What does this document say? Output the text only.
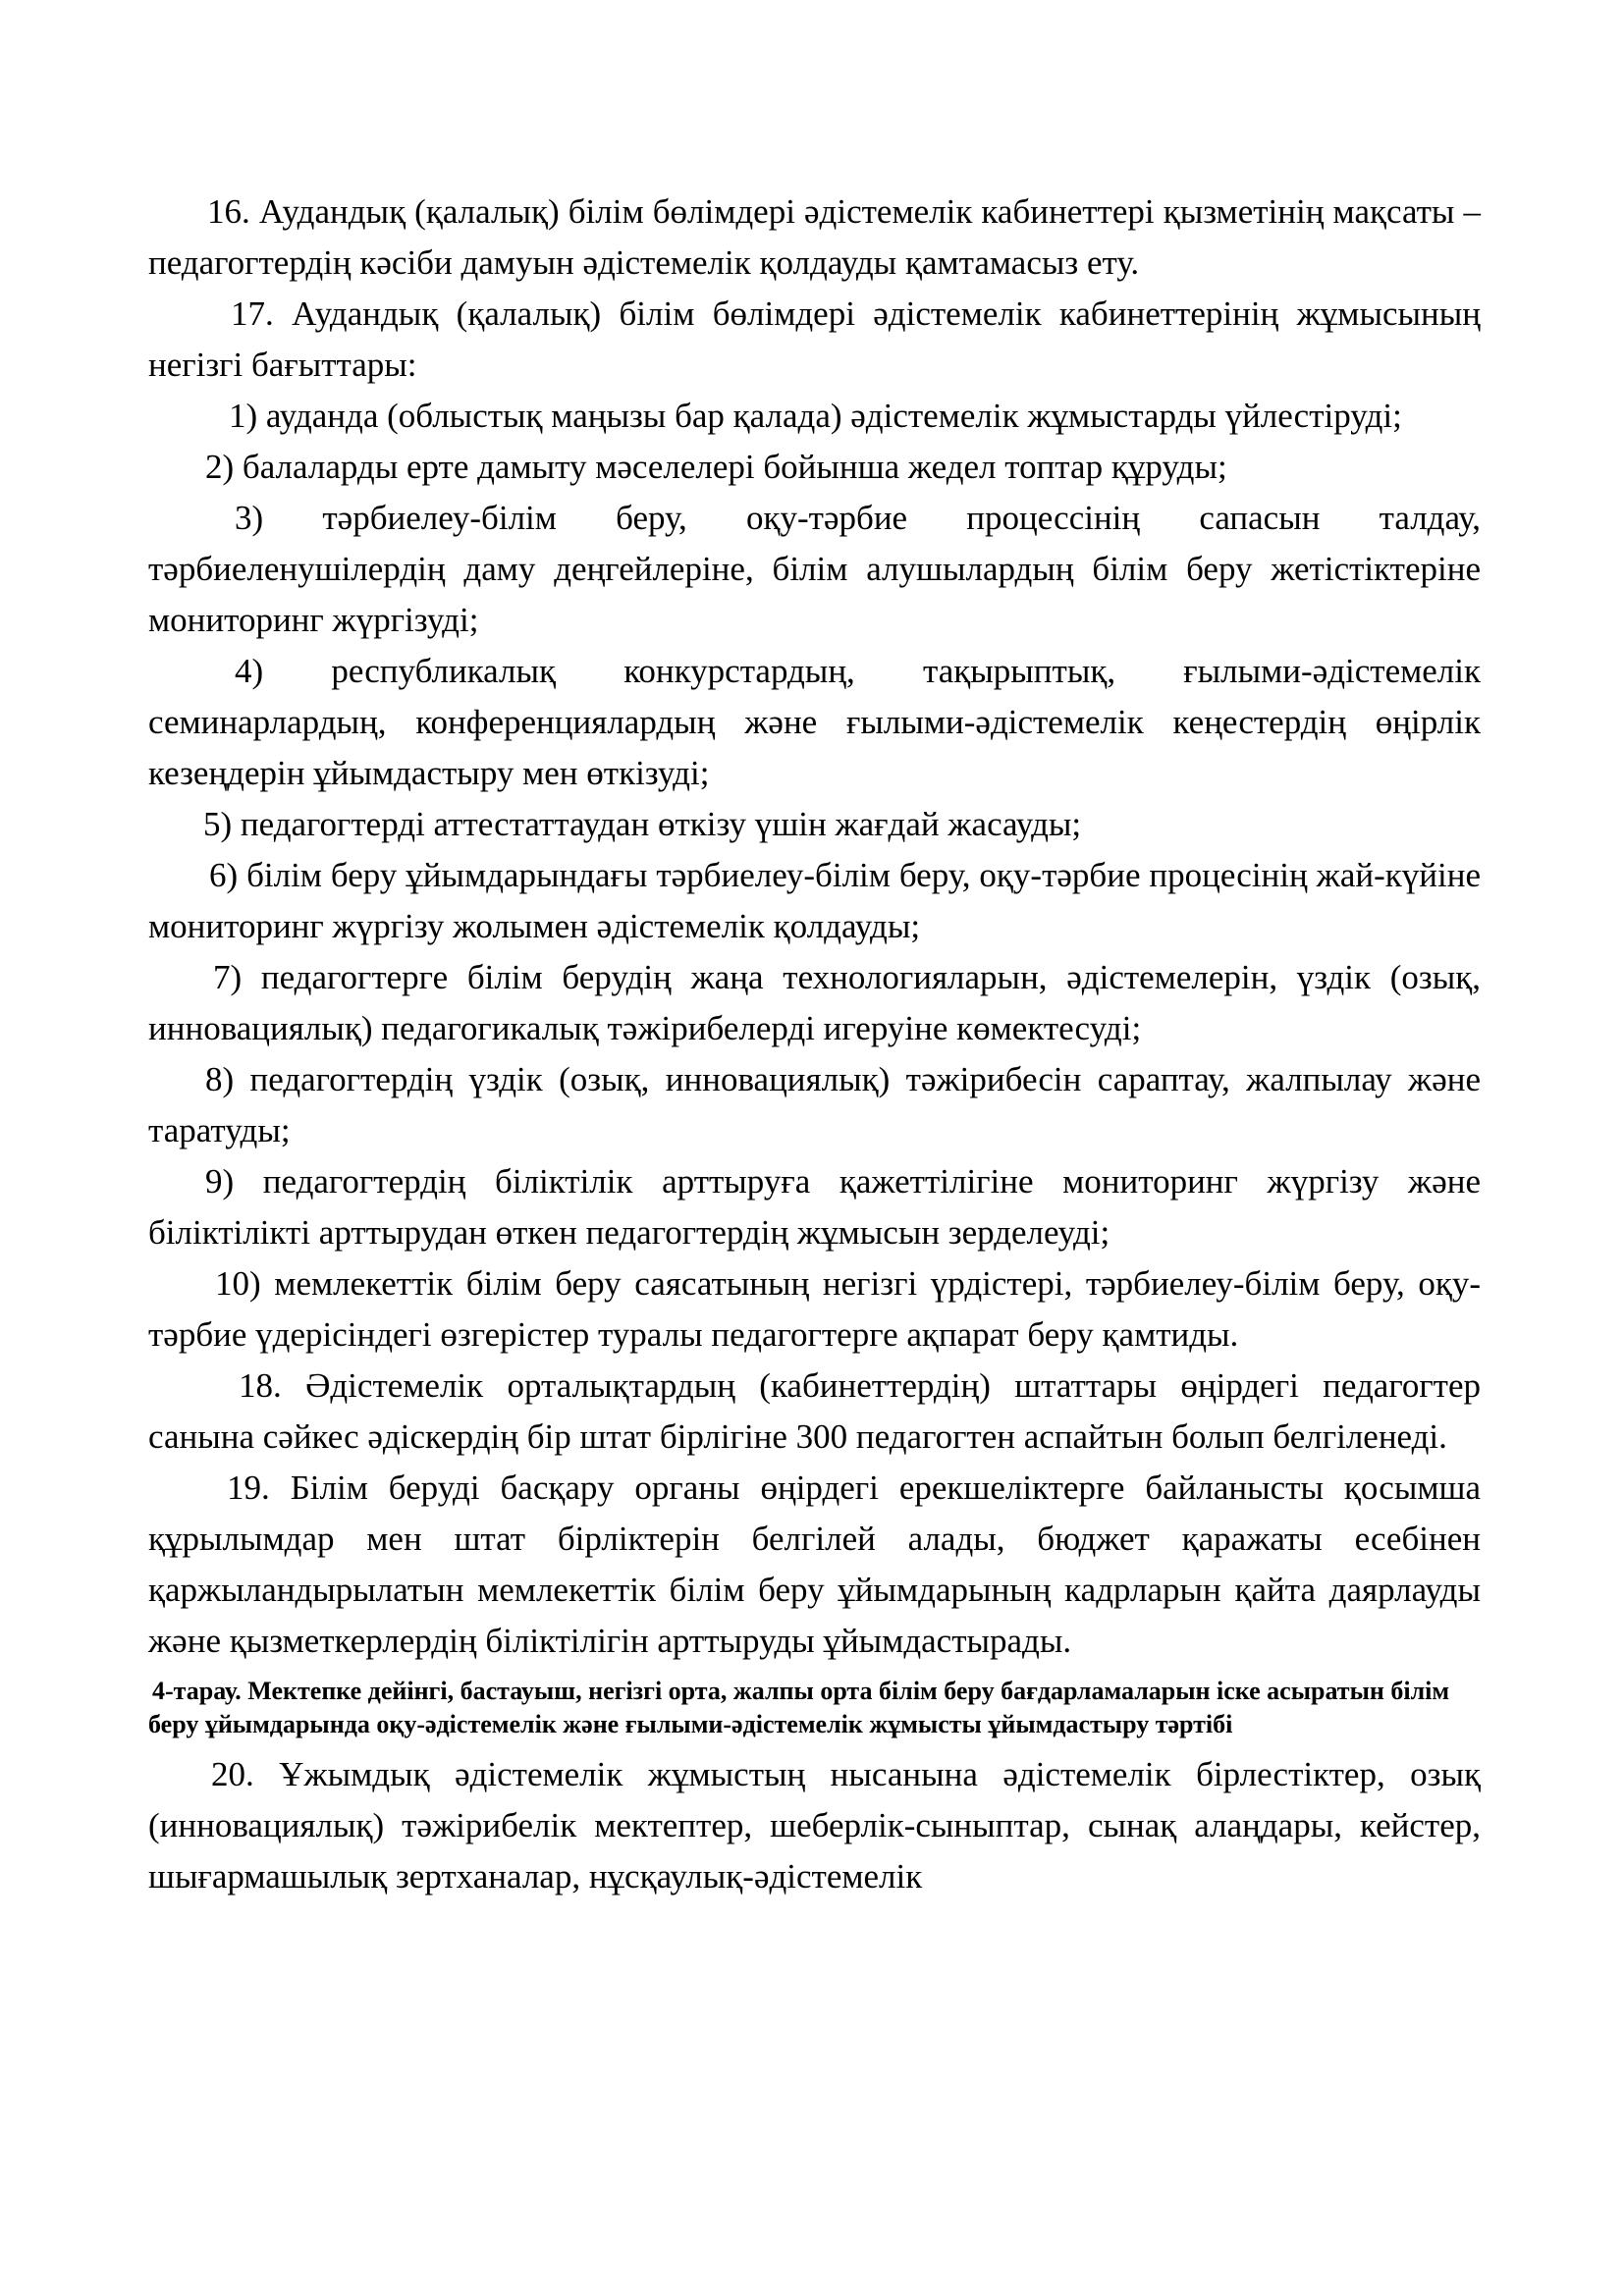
16. Аудандық (қалалық) білім бөлімдері әдістемелік кабинеттері қызметінің мақсаты – педагогтердің кәсіби дамуын әдістемелік қолдауды қамтамасыз ету.

17. Аудандық (қалалық) білім бөлімдері әдістемелік кабинеттерінің жұмысының негізгі бағыттары:

1) ауданда (облыстық маңызы бар қалада) әдістемелік жұмыстарды үйлестіруді;

2) балаларды ерте дамыту мәселелері бойынша жедел топтар құруды;

3) тәрбиелеу-білім беру, оқу-тәрбие процессінің сапасын талдау, тәрбиеленушілердің даму деңгейлеріне, білім алушылардың білім беру жетістіктеріне мониторинг жүргізуді;

4) республикалық конкурстардың, тақырыптық, ғылыми-әдістемелік семинарлардың, конференциялардың және ғылыми-әдістемелік кеңестердің өңірлік кезеңдерін ұйымдастыру мен өткізуді;

5) педагогтерді аттестаттаудан өткізу үшін жағдай жасауды;

6) білім беру ұйымдарындағы тәрбиелеу-білім беру, оқу-тәрбие процесінің жай-күйіне мониторинг жүргізу жолымен әдістемелік қолдауды;

7) педагогтерге білім берудің жаңа технологияларын, әдістемелерін, үздік (озық, инновациялық) педагогикалық тәжірибелерді игеруіне көмектесуді;

8) педагогтердің үздік (озық, инновациялық) тәжірибесін сараптау, жалпылау және таратуды;

9) педагогтердің біліктілік арттыруға қажеттілігіне мониторинг жүргізу және біліктілікті арттырудан өткен педагогтердің жұмысын зерделеуді;

10) мемлекеттік білім беру саясатының негізгі үрдістері, тәрбиелеу-білім беру, оқу-тәрбие үдерісіндегі өзгерістер туралы педагогтерге ақпарат беру қамтиды.

18. Әдістемелік орталықтардың (кабинеттердің) штаттары өңірдегі педагогтер санына сәйкес әдіскердің бір штат бірлігіне 300 педагогтен аспайтын болып белгіленеді.

19. Білім беруді басқару органы өңірдегі ерекшеліктерге байланысты қосымша құрылымдар мен штат бірліктерін белгілей алады, бюджет қаражаты есебінен қаржыландырылатын мемлекеттік білім беру ұйымдарының кадрларын қайта даярлауды және қызметкерлердің біліктілігін арттыруды ұйымдастырады.

4-тарау. Мектепке дейінгі, бастауыш, негізгі орта, жалпы орта білім беру бағдарламаларын іске асыратын білім беру ұйымдарында оқу-әдістемелік және ғылыми-әдістемелік жұмысты ұйымдастыру тәртібі

20. Ұжымдық әдістемелік жұмыстың нысанына әдістемелік бірлестіктер, озық (инновациялық) тәжірибелік мектептер, шеберлік-сыныптар, сынақ алаңдары, кейстер, шығармашылық зертханалар, нұсқаулық-әдістемелік
